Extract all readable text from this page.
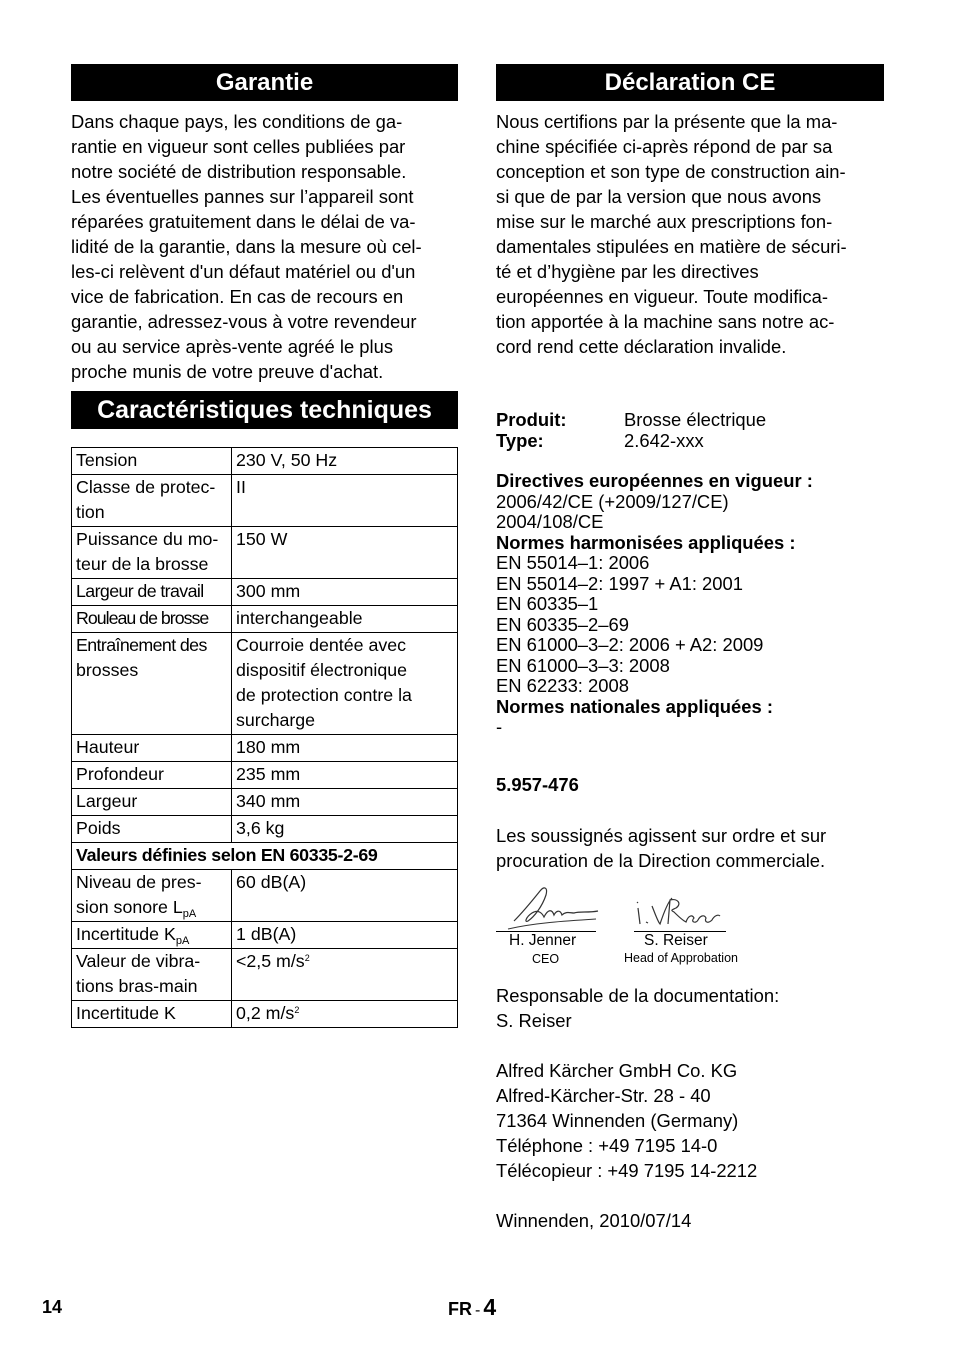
Garantie

Dans chaque pays, les conditions de ga-
rantie en vigueur sont celles publiées par
notre société de distribution responsable.
Les éventuelles pannes sur l’appareil sont
réparées gratuitement dans le délai de va-
lidité de la garantie, dans la mesure où cel-
les-ci relèvent d'un défaut matériel ou d'un
vice de fabrication. En cas de recours en
garantie, adressez-vous à votre revendeur
ou au service après-vente agréé le plus
proche munis de votre preuve d'achat.

Caractéristiques techniques
Tension	230 V, 50 Hz

Classe de protec-
tion	II

Puissance du mo-
teur de la brosse	150 W

Largeur de travail	300 mm

Rouleau de brosse	interchangeable

Entraînement des
brosses	Courroie dentée avec
dispositif électronique
de protection contre la
surcharge

Hauteur	180 mm

Profondeur	235 mm

Largeur	340 mm

Poids	3,6 kg

Valeurs définies selon EN 60335-2-69	

Niveau de pres-
sion sonore $L_{pA}$	60 dB(A)

Incertitude $K_{pA}$	1 dB(A)

Valeur de vibra-
tions bras-main	<2,5 $m/s^2$

Incertitude K	0,2 $m/s^2$
Déclaration CE

Nous certifions par la présente que la ma-
chine spécifiée ci-après répond de par sa
conception et son type de construction ain-
si que de par la version que nous avons
mise sur le marché aux prescriptions fon-
damentales stipulées en matière de sécuri-
té et d’hygiène par les directives
européennes en vigueur. Toute modifica-
tion apportée à la machine sans notre ac-
cord rend cette déclaration invalide.

Produit:	Brosse électrique
Type:	2.642-xxx
Directives européennes en vigueur :
2006/42/CE (+2009/127/CE)
2004/108/CE
Normes harmonisées appliquées :
EN 55014–1: 2006
EN 55014–2: 1997 + A1: 2001
EN 60335–1
EN 60335–2–69
EN 61000–3–2: 2006 + A2: 2009
EN 61000–3–3: 2008
EN 62233: 2008
Normes nationales appliquées :
-
5.957-476
Les soussignés agissent sur ordre et sur
procuration de la Direction commerciale.
H. Jenner
CEO
S. Reiser
Head of Approbation
Responsable de la documentation:
S. Reiser
Alfred Kärcher GmbH Co. KG
Alfred-Kärcher-Str. 28 - 40
71364 Winnenden (Germany)
Téléphone : +49 7195 14-0
Télécopieur : +49 7195 14-2212
Winnenden, 2010/07/14
14	FR - 4
